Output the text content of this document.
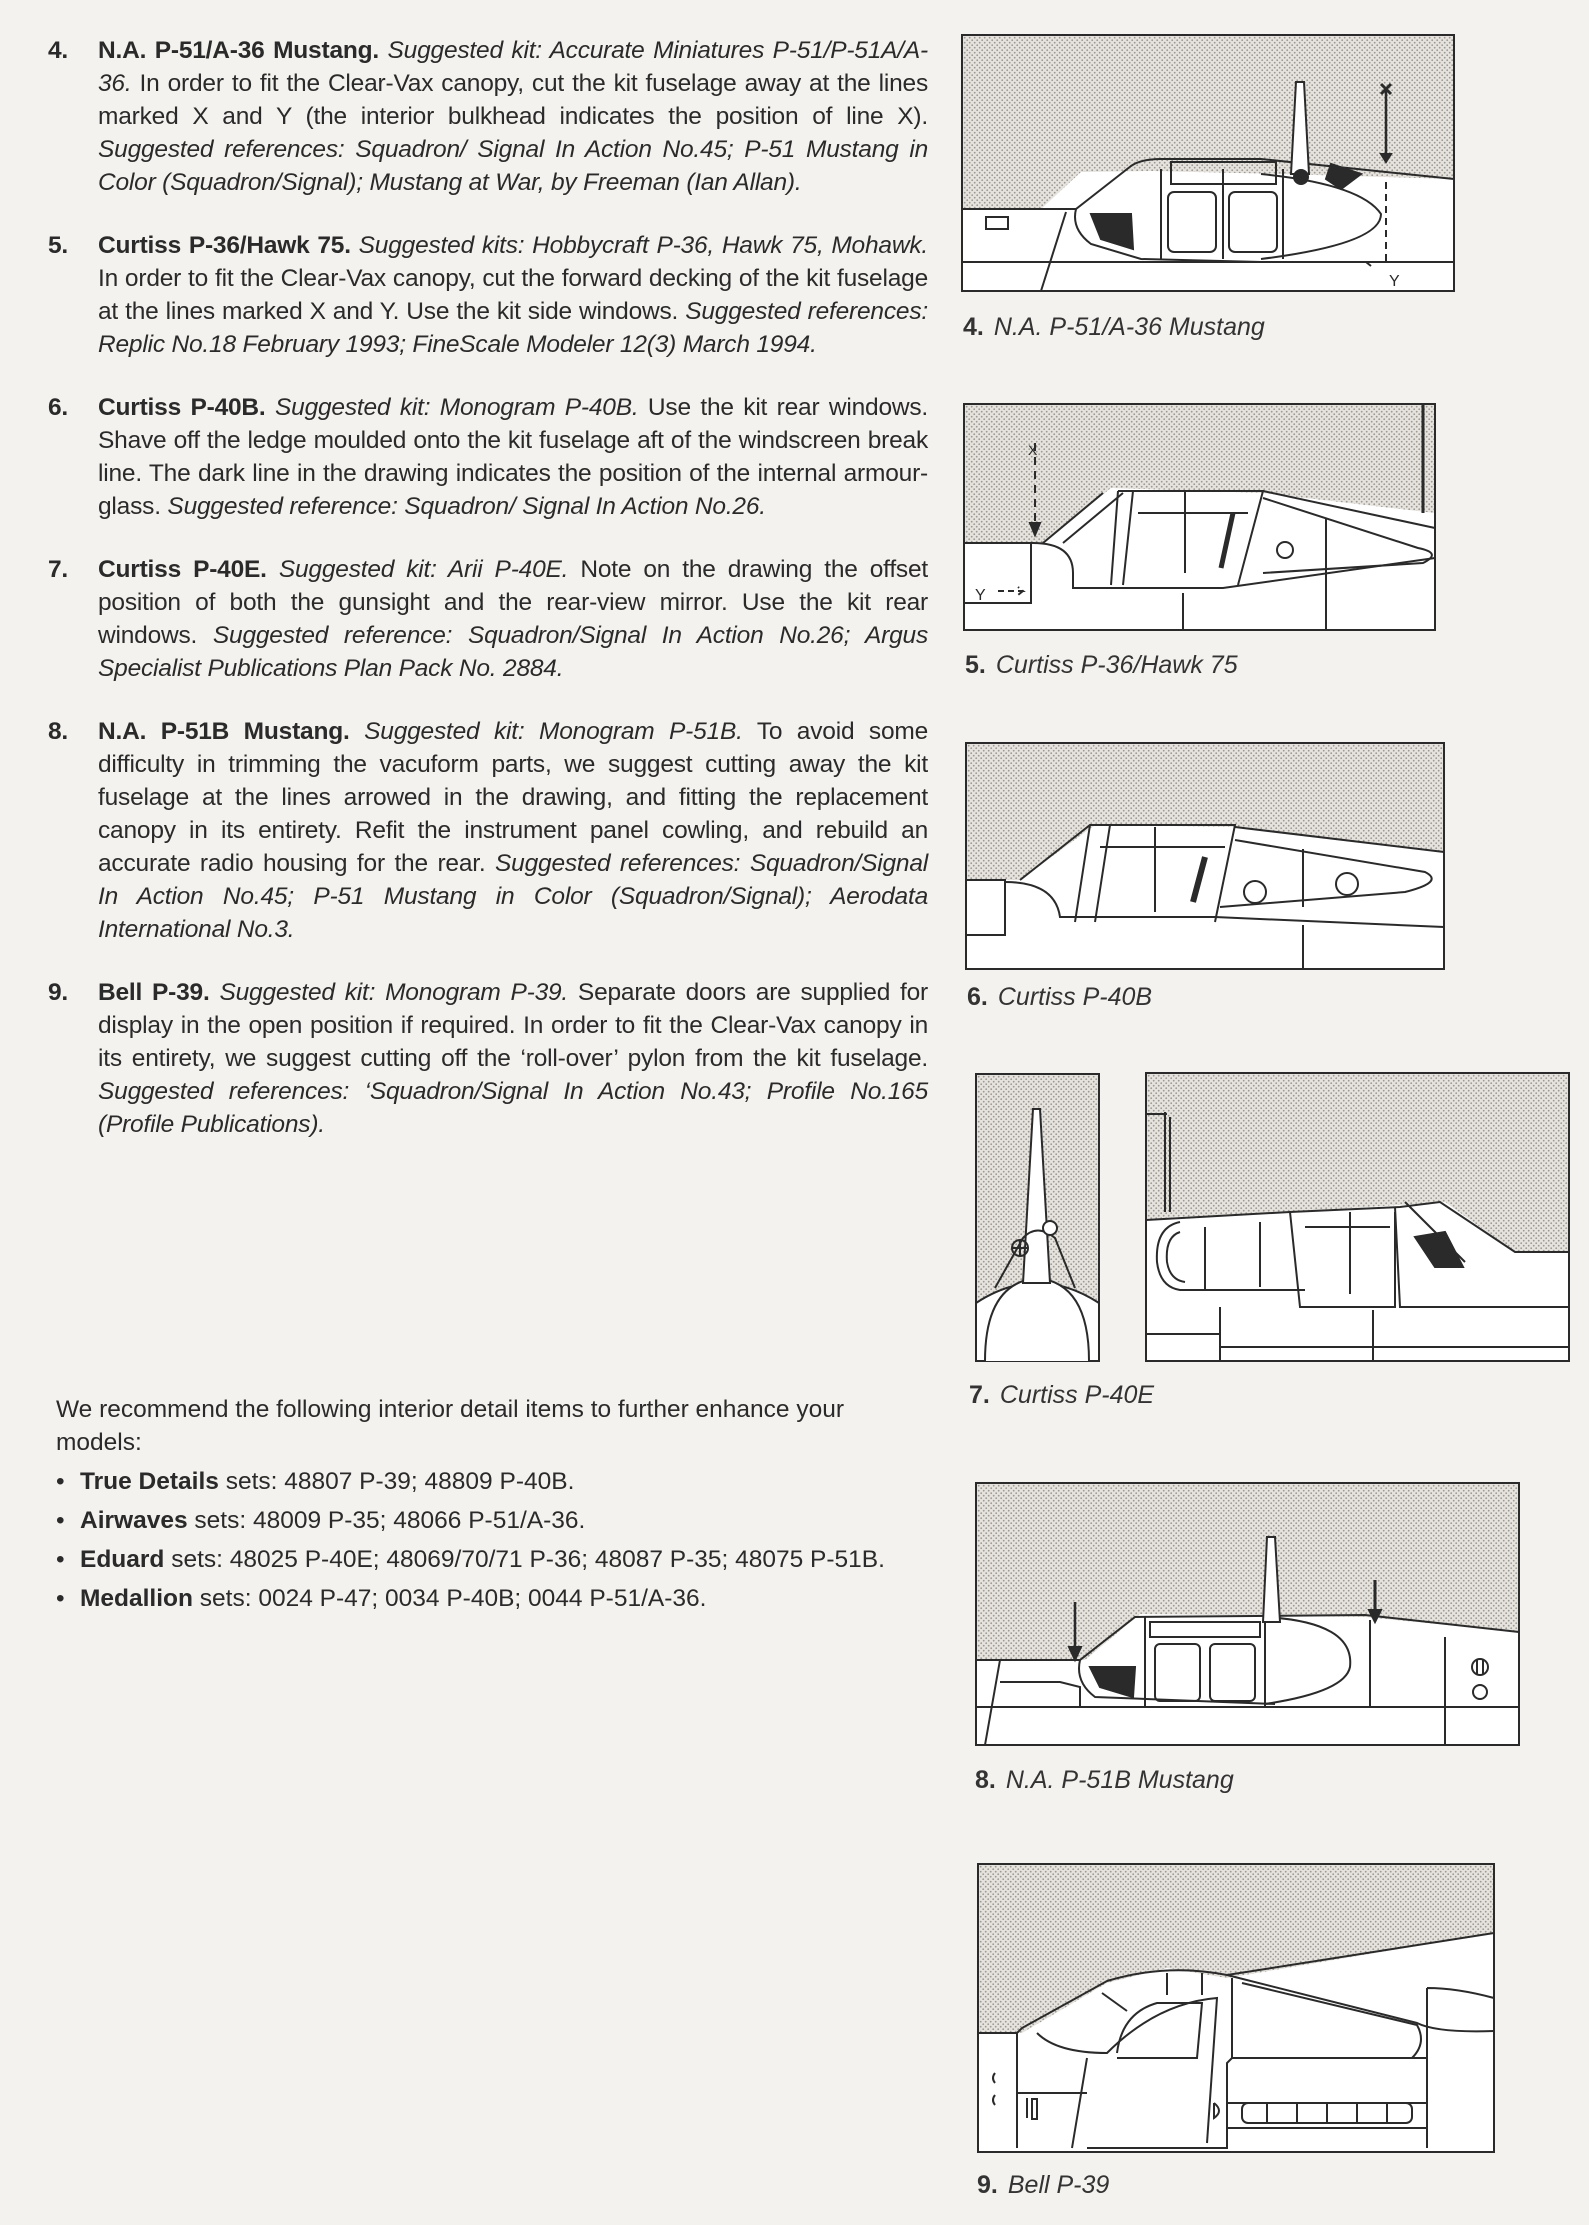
4. N.A. P-51/A-36 Mustang. Suggested kit: Accurate Miniatures P-51/P-51A/A-36. In order to fit the Clear-Vax canopy, cut the kit fuselage away at the lines marked X and Y (the interior bulkhead indicates the position of line X). Suggested references: Squadron/ Signal In Action No.45; P-51 Mustang in Color (Squadron/Signal); Mustang at War, by Freeman (Ian Allan).
5. Curtiss P-36/Hawk 75. Suggested kits: Hobbycraft P-36, Hawk 75, Mohawk. In order to fit the Clear-Vax canopy, cut the forward decking of the kit fuselage at the lines marked X and Y. Use the kit side windows. Suggested references: Replic No.18 February 1993; FineScale Modeler 12(3) March 1994.
6. Curtiss P-40B. Suggested kit: Monogram P-40B. Use the kit rear windows. Shave off the ledge moulded onto the kit fuselage aft of the windscreen break line. The dark line in the drawing indicates the position of the internal armour-glass. Suggested reference: Squadron/ Signal In Action No.26.
7. Curtiss P-40E. Suggested kit: Arii P-40E. Note on the drawing the offset position of both the gunsight and the rear-view mirror. Use the kit rear windows. Suggested reference: Squadron/Signal In Action No.26; Argus Specialist Publications Plan Pack No. 2884.
8. N.A. P-51B Mustang. Suggested kit: Monogram P-51B. To avoid some difficulty in trimming the vacuform parts, we suggest cutting away the kit fuselage at the lines arrowed in the drawing, and fitting the replacement canopy in its entirety. Refit the instrument panel cowling, and rebuild an accurate radio housing for the rear. Suggested references: Squadron/Signal In Action No.45; P-51 Mustang in Color (Squadron/Signal); Aerodata International No.3.
9. Bell P-39. Suggested kit: Monogram P-39. Separate doors are supplied for display in the open position if required. In order to fit the Clear-Vax canopy in its entirety, we suggest cutting off the ‘roll-over’ pylon from the kit fuselage. Suggested references: ‘Squadron/Signal In Action No.43; Profile No.165 (Profile Publications).
We recommend the following interior detail items to further enhance your models:
• True Details sets: 48807 P-39; 48809 P-40B.
• Airwaves sets: 48009 P-35; 48066 P-51/A-36.
• Eduard sets: 48025 P-40E; 48069/70/71 P-36; 48087 P-35; 48075 P-51B.
• Medallion sets: 0024 P-47; 0034 P-40B; 0044 P-51/A-36.
Y
4. N.A. P-51/A-36 Mustang
Y
X
5. Curtiss P-36/Hawk 75
6. Curtiss P-40B
7. Curtiss P-40E
8. N.A. P-51B Mustang
9. Bell P-39
